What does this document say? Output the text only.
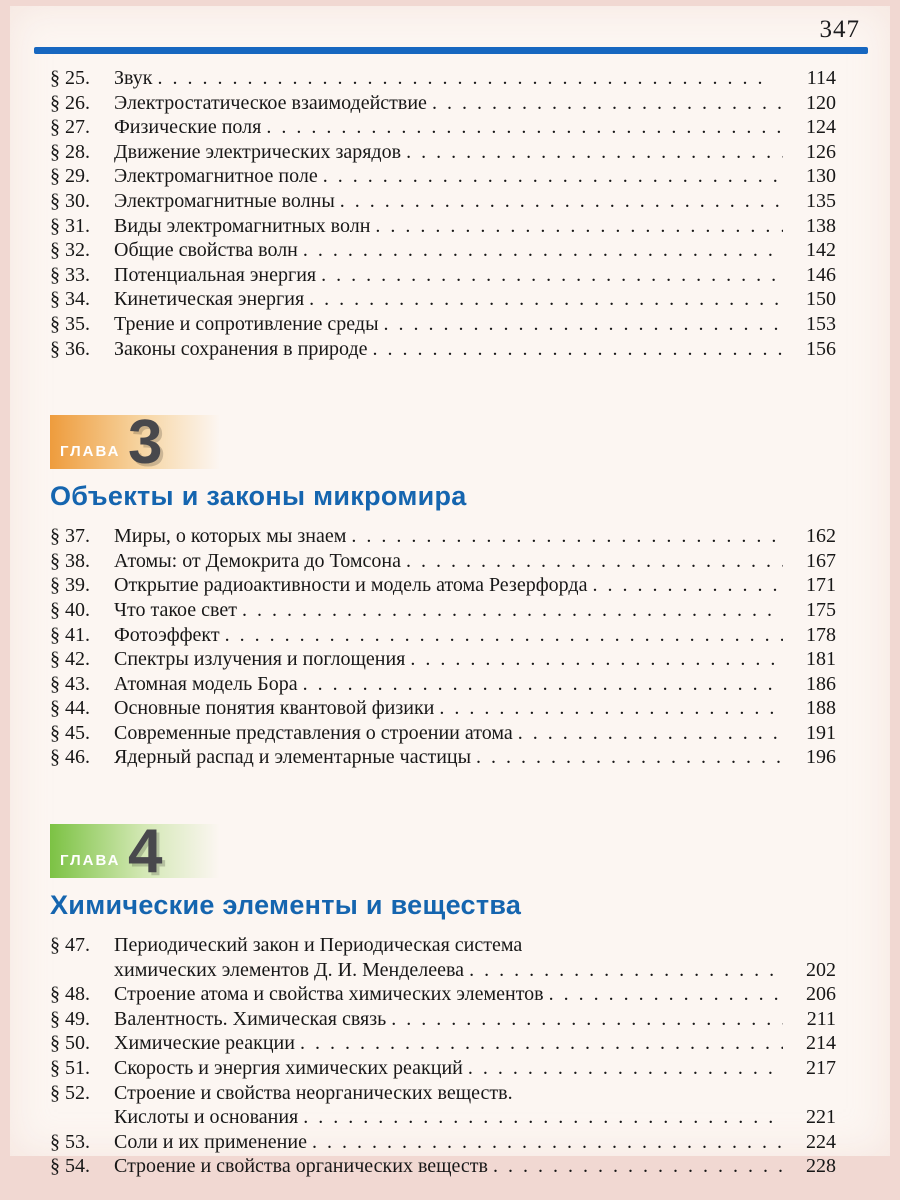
347
§ 25.	Звук .  .	114
§ 26.	Электростатическое взаимодействие .  .	120
§ 27.	Физические поля .  .	124
§ 28.	Движение электрических зарядов .  .	126
§ 29.	Электромагнитное поле .  .	130
§ 30.	Электромагнитные волны .  .	135
§ 31.	Виды электромагнитных волн .  .	138
§ 32.	Общие свойства волн .  .	142
§ 33.	Потенциальная энергия .  .	146
§ 34.	Кинетическая энергия .  .	150
§ 35.	Трение и сопротивление среды .  .	153
§ 36.	Законы сохранения в природе .  .	156
ГЛАВА 3
Объекты и законы микромира
§ 37.	Миры, о которых мы знаем .  .	162
§ 38.	Атомы: от Демокрита до Томсона .  .	167
§ 39.	Открытие радиоактивности и модель атома Резерфорда .  .	171
§ 40.	Что такое свет .  .	175
§ 41.	Фотоэффект .  .	178
§ 42.	Спектры излучения и поглощения .  .	181
§ 43.	Атомная модель Бора .  .	186
§ 44.	Основные понятия квантовой физики .  .	188
§ 45.	Современные представления о строении атома .  .	191
§ 46.	Ядерный распад и элементарные частицы .  .	196
ГЛАВА 4
Химические элементы и вещества
§ 47.	Периодический закон и Периодическая система
химических элементов Д. И. Менделеева .  .	202
§ 48.	Строение атома и свойства химических элементов .  .	206
§ 49.	Валентность. Химическая связь .  .	211
§ 50.	Химические реакции .  .	214
§ 51.	Скорость и энергия химических реакций .  .	217
§ 52.	Строение и свойства неорганических веществ.
Кислоты и основания .  .	221
§ 53.	Соли и их применение .  .	224
§ 54.	Строение и свойства органических веществ .  .	228
